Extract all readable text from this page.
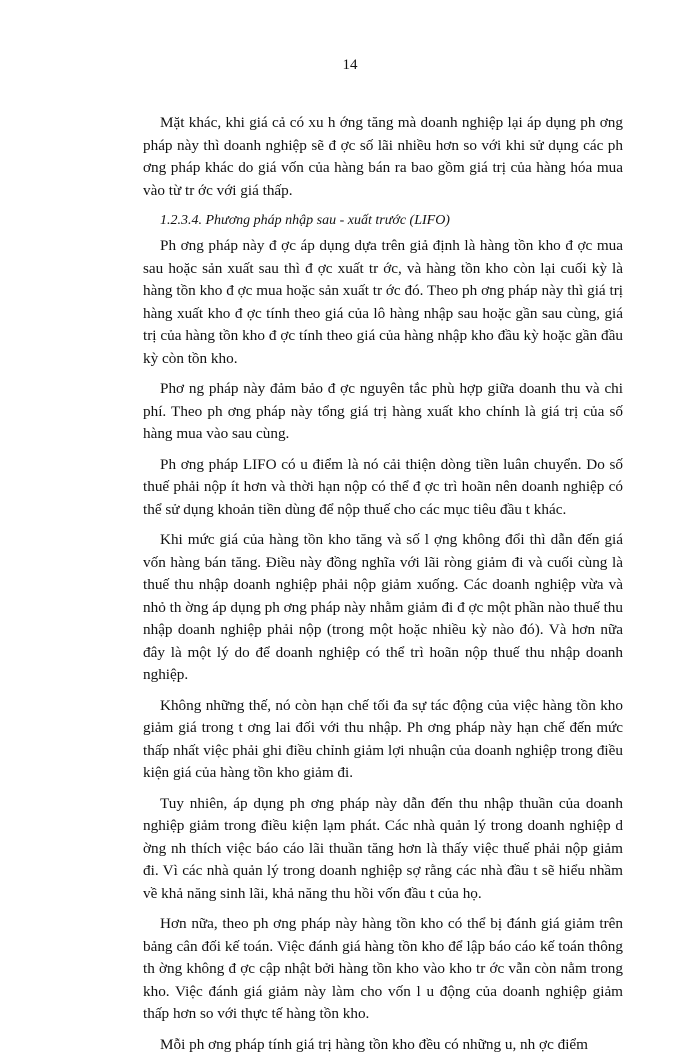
14

Mặt khác, khi giá cả có xu h ớng tăng mà doanh nghiệp lại áp dụng ph ơng pháp này thì doanh nghiệp sẽ đ ợc số lãi nhiều hơn so với khi sử dụng các ph ơng pháp khác do giá vốn của hàng bán ra bao gồm giá trị của hàng hóa mua vào từ tr ớc với giá thấp.

1.2.3.4. Phương pháp nhập sau - xuất trước (LIFO)

Ph ơng pháp này đ ợc áp dụng dựa trên giả định là hàng tồn kho đ ợc mua sau hoặc sản xuất sau thì đ ợc xuất tr ớc, và hàng tồn kho còn lại cuối kỳ là hàng tồn kho đ ợc mua hoặc sản xuất tr ớc đó. Theo ph ơng pháp này thì giá trị hàng xuất kho đ ợc tính theo giá của lô hàng nhập sau hoặc gần sau cùng, giá trị của hàng tồn kho đ ợc tính theo giá của hàng nhập kho đầu kỳ hoặc gần đầu kỳ còn tồn kho.

Phơ ng pháp này đảm bảo đ ợc nguyên tắc phù hợp giữa doanh thu và chi phí. Theo ph ơng pháp này tổng giá trị hàng xuất kho chính là giá trị của số hàng mua vào sau cùng.

Ph ơng pháp LIFO có u điểm là nó cải thiện dòng tiền luân chuyển. Do số thuế phải nộp ít hơn và thời hạn nộp có thể đ ợc trì hoãn nên doanh nghiệp có thể sử dụng khoản tiền dùng để nộp thuế cho các mục tiêu đầu t khác.

Khi mức giá của hàng tồn kho tăng và số l ợng không đổi thì dẫn đến giá vốn hàng bán tăng. Điều này đồng nghĩa với lãi ròng giảm đi và cuối cùng là thuế thu nhập doanh nghiệp phải nộp giảm xuống. Các doanh nghiệp vừa và nhỏ th ờng áp dụng ph ơng pháp này nhằm giảm đi đ ợc một phần nào thuế thu nhập doanh nghiệp phải nộp (trong một hoặc nhiều kỳ nào đó). Và hơn nữa đây là một lý do để doanh nghiệp có thể trì hoãn nộp thuế thu nhập doanh nghiệp.

Không những thế, nó còn hạn chế tối đa sự tác động của việc hàng tồn kho giảm giá trong t ơng lai đối với thu nhập. Ph ơng pháp này hạn chế đến mức thấp nhất việc phải ghi điều chỉnh giảm lợi nhuận của doanh nghiệp trong điều kiện giá của hàng tồn kho giảm đi.

Tuy nhiên, áp dụng ph ơng pháp này dẫn đến thu nhập thuần của doanh nghiệp giảm trong điều kiện lạm phát. Các nhà quản lý trong doanh nghiệp d ờng nh thích việc báo cáo lãi thuần tăng hơn là thấy việc thuế phải nộp giảm đi. Vì các nhà quản lý trong doanh nghiệp sợ rằng các nhà đầu t sẽ hiểu nhầm về khả năng sinh lãi, khả năng thu hồi vốn đầu t của họ.

Hơn nữa, theo ph ơng pháp này hàng tồn kho có thể bị đánh giá giảm trên bảng cân đối kế toán. Việc đánh giá hàng tồn kho để lập báo cáo kế toán thông th ờng không đ ợc cập nhật bởi hàng tồn kho vào kho tr ớc vẫn còn nằm trong kho. Việc đánh giá giảm này làm cho vốn l u động của doanh nghiệp giảm thấp hơn so với thực tế hàng tồn kho.

Mỗi ph ơng pháp tính giá trị hàng tồn kho đều có những u, nh ợc điểm
